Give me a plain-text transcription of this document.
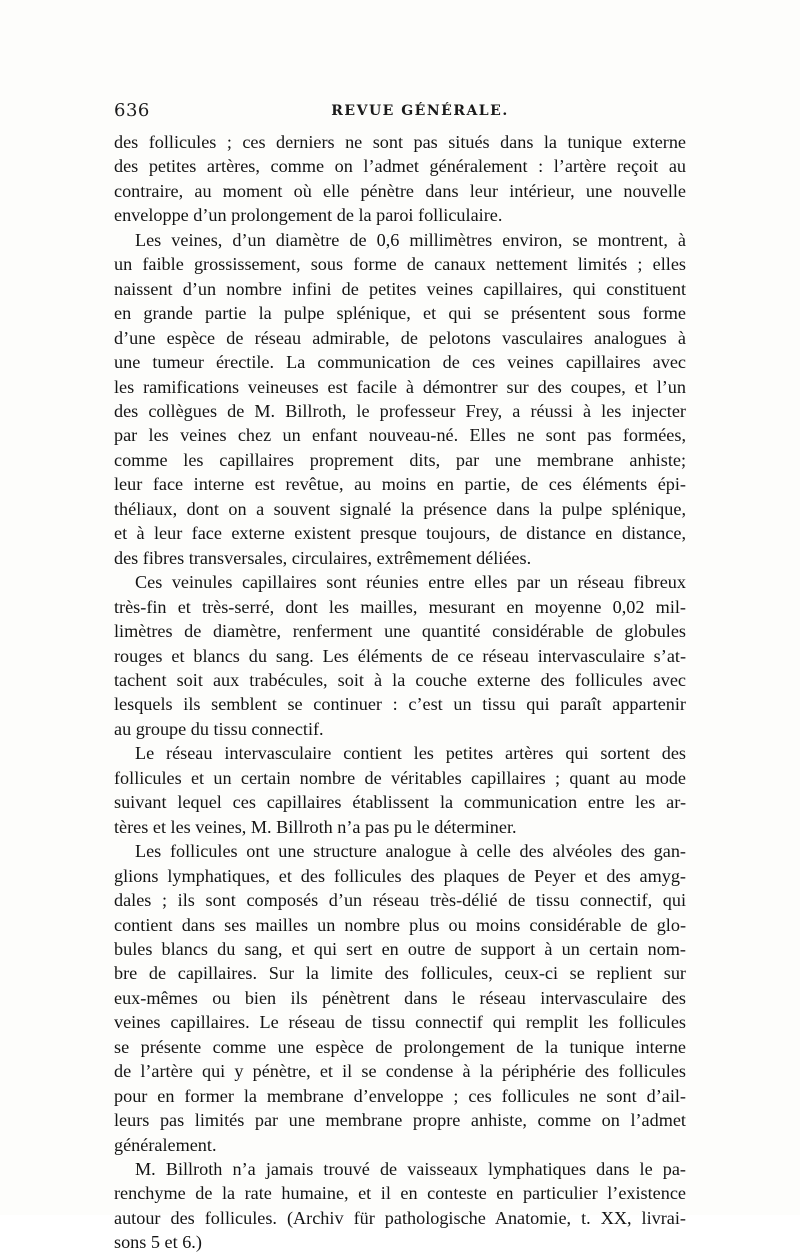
636	REVUE GÉNÉRALE.

des follicules ; ces derniers ne sont pas situés dans la tunique externe
des petites artères, comme on l’admet généralement : l’artère reçoit au
contraire, au moment où elle pénètre dans leur intérieur, une nouvelle
enveloppe d’un prolongement de la paroi folliculaire.

Les veines, d’un diamètre de 0,6 millimètres environ, se montrent, à
un faible grossissement, sous forme de canaux nettement limités ; elles
naissent d’un nombre infini de petites veines capillaires, qui constituent
en grande partie la pulpe splénique, et qui se présentent sous forme
d’une espèce de réseau admirable, de pelotons vasculaires analogues à
une tumeur érectile. La communication de ces veines capillaires avec
les ramifications veineuses est facile à démontrer sur des coupes, et l’un
des collègues de M. Billroth, le professeur Frey, a réussi à les injecter
par les veines chez un enfant nouveau-né. Elles ne sont pas formées,
comme les capillaires proprement dits, par une membrane anhiste;
leur face interne est revêtue, au moins en partie, de ces éléments épi-
théliaux, dont on a souvent signalé la présence dans la pulpe splénique,
et à leur face externe existent presque toujours, de distance en distance,
des fibres transversales, circulaires, extrêmement déliées.

Ces veinules capillaires sont réunies entre elles par un réseau fibreux
très-fin et très-serré, dont les mailles, mesurant en moyenne 0,02 mil-
limètres de diamètre, renferment une quantité considérable de globules
rouges et blancs du sang. Les éléments de ce réseau intervasculaire s’at-
tachent soit aux trabécules, soit à la couche externe des follicules avec
lesquels ils semblent se continuer : c’est un tissu qui paraît appartenir
au groupe du tissu connectif.

Le réseau intervasculaire contient les petites artères qui sortent des
follicules et un certain nombre de véritables capillaires ; quant au mode
suivant lequel ces capillaires établissent la communication entre les ar-
tères et les veines, M. Billroth n’a pas pu le déterminer.

Les follicules ont une structure analogue à celle des alvéoles des gan-
glions lymphatiques, et des follicules des plaques de Peyer et des amyg-
dales ; ils sont composés d’un réseau très-délié de tissu connectif, qui
contient dans ses mailles un nombre plus ou moins considérable de glo-
bules blancs du sang, et qui sert en outre de support à un certain nom-
bre de capillaires. Sur la limite des follicules, ceux-ci se replient sur
eux-mêmes ou bien ils pénètrent dans le réseau intervasculaire des
veines capillaires. Le réseau de tissu connectif qui remplit les follicules
se présente comme une espèce de prolongement de la tunique interne
de l’artère qui y pénètre, et il se condense à la périphérie des follicules
pour en former la membrane d’enveloppe ; ces follicules ne sont d’ail-
leurs pas limités par une membrane propre anhiste, comme on l’admet
généralement.

M. Billroth n’a jamais trouvé de vaisseaux lymphatiques dans le pa-
renchyme de la rate humaine, et il en conteste en particulier l’existence
autour des follicules. (Archiv für pathologische Anatomie, t. XX, livrai-
sons 5 et 6.)
